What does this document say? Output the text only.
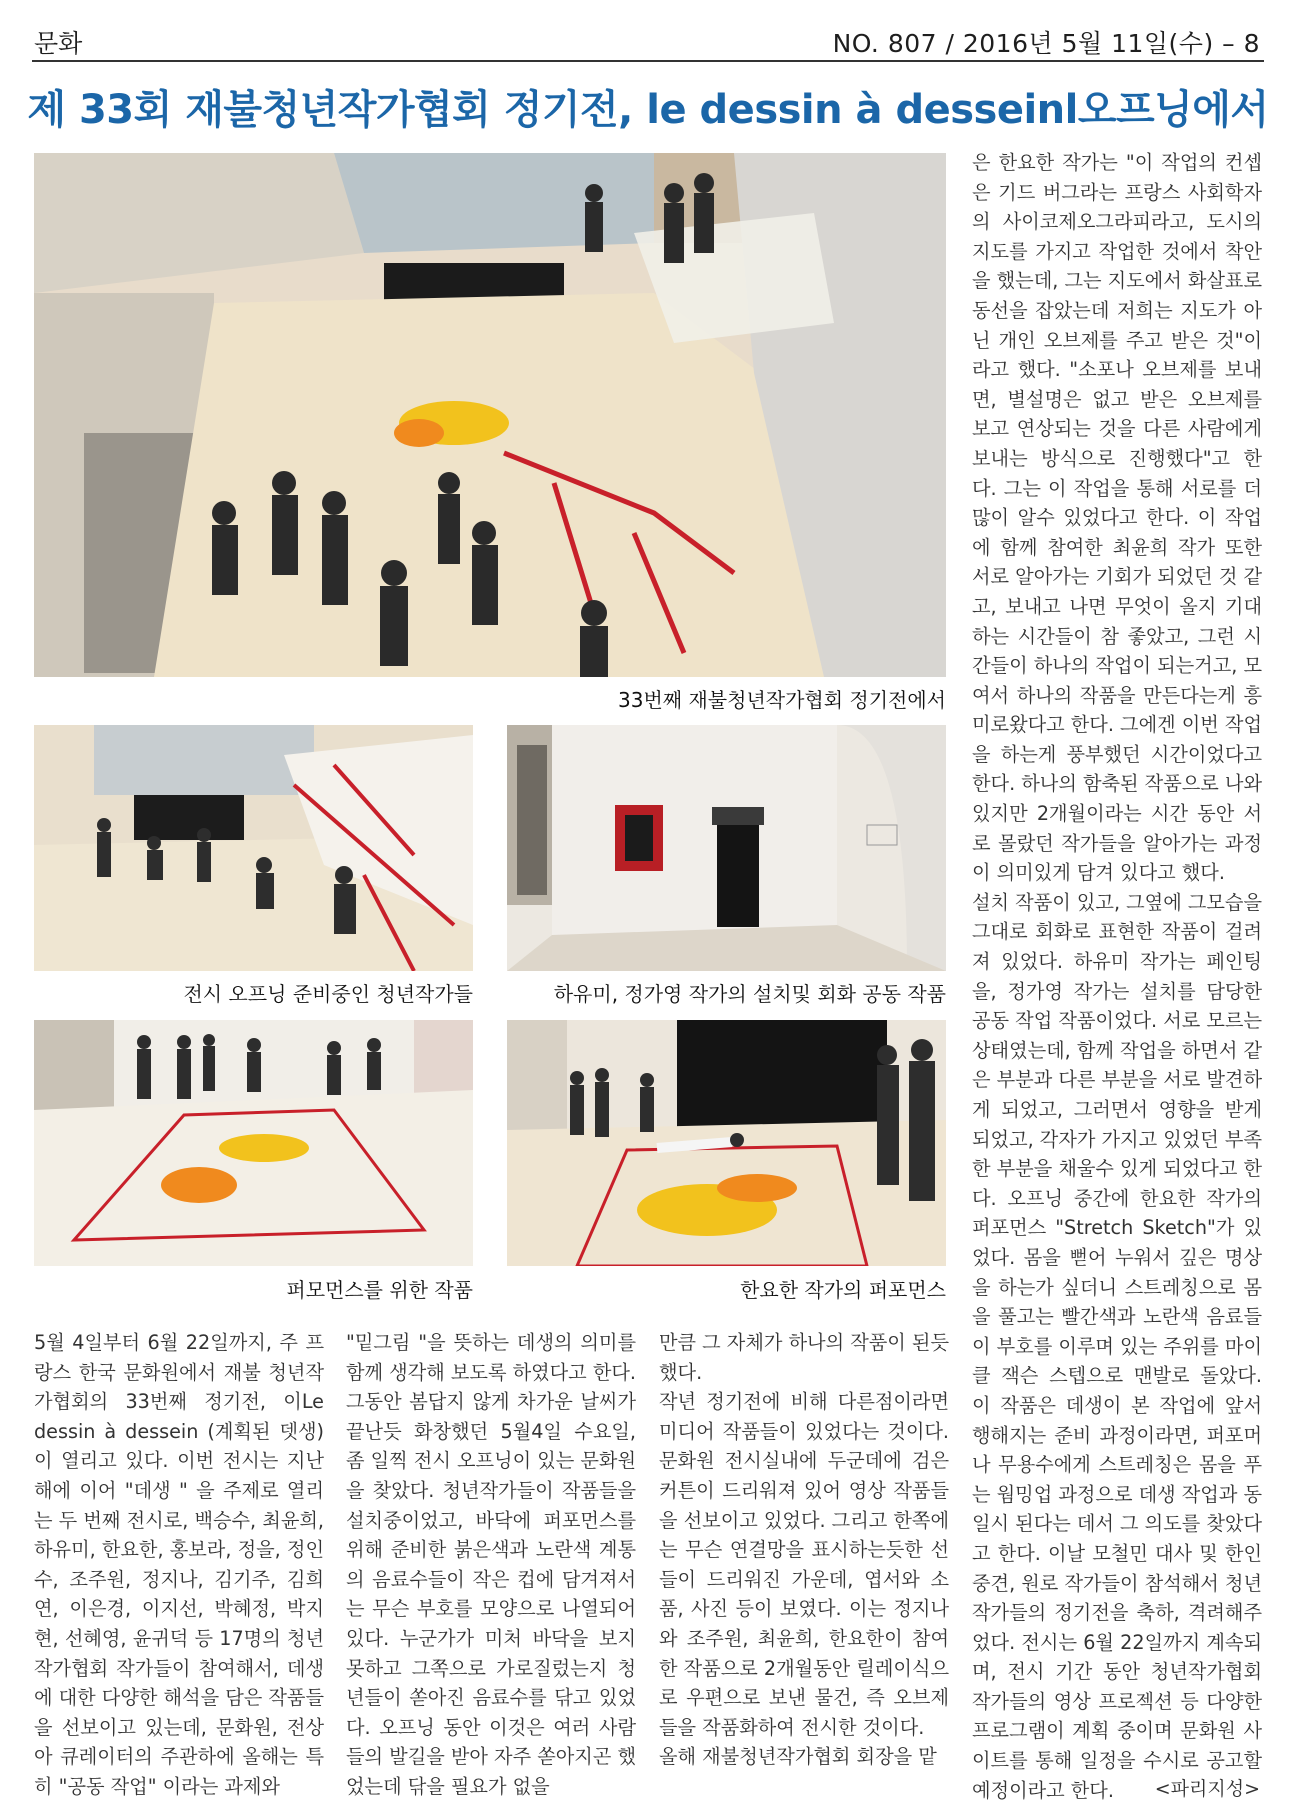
문화	NO. 807 / 2016년 5월 11일(수) – 8
제 33회 재불청년작가협회 정기전, le dessin à desseinl오프닝에서
33번째 재불청년작가협회 정기전에서
전시 오프닝 준비중인 청년작가들	하유미, 정가영 작가의 설치및 회화 공동 작품
퍼모먼스를 위한 작품	한요한 작가의 퍼포먼스

은 한요한 작가는 "이 작업의 컨셉은 기드 버그라는 프랑스 사회학자의 사이코제오그라피라고, 도시의 지도를 가지고 작업한 것에서 착안을 했는데, 그는 지도에서 화살표로 동선을 잡았는데 저희는 지도가 아닌 개인 오브제를 주고 받은 것"이라고 했다. "소포나 오브제를 보내면, 별설명은 없고 받은 오브제를 보고 연상되는 것을 다른 사람에게 보내는 방식으로 진행했다"고 한다. 그는 이 작업을 통해 서로를 더 많이 알수 있었다고 한다. 이 작업에 함께 참여한 최윤희 작가 또한 서로 알아가는 기회가 되었던 것 같고, 보내고 나면 무엇이 올지 기대하는 시간들이 참 좋았고, 그런 시간들이 하나의 작업이 되는거고, 모여서 하나의 작품을 만든다는게 흥미로왔다고 한다. 그에겐 이번 작업을 하는게 풍부했던 시간이었다고 한다. 하나의 함축된 작품으로 나와있지만 2개월이라는 시간 동안 서로 몰랐던 작가들을 알아가는 과정이 의미있게 담겨 있다고 했다.

설치 작품이 있고, 그옆에 그모습을 그대로 회화로 표현한 작품이 걸려져 있었다. 하유미 작가는 페인팅을, 정가영 작가는 설치를 담당한 공동 작업 작품이었다. 서로 모르는 상태였는데, 함께 작업을 하면서 같은 부분과 다른 부분을 서로 발견하게 되었고, 그러면서 영향을 받게 되었고, 각자가 가지고 있었던 부족한 부분을 채울수 있게 되었다고 한다. 오프닝 중간에 한요한 작가의 퍼포먼스 "Stretch Sketch"가 있었다. 몸을 뻗어 누워서 깊은 명상을 하는가 싶더니 스트레칭으로 몸을 풀고는 빨간색과 노란색 음료들이 부호를 이루며 있는 주위를 마이클 잭슨 스텝으로 맨발로 돌았다. 이 작품은 데생이 본 작업에 앞서 행해지는 준비 과정이라면, 퍼포머나 무용수에게 스트레칭은 몸을 푸는 웜밍업 과정으로 데생 작업과 동일시 된다는 데서 그 의도를 찾았다고 한다. 이날 모철민 대사 및 한인 중견, 원로 작가들이 참석해서 청년 작가들의 정기전을 축하, 격려해주었다. 전시는 6월 22일까지 계속되며, 전시 기간 동안 청년작가협회 작가들의 영상 프로젝션 등 다양한 프로그램이 계획 중이며 문화원 사이트를 통해 일정을 수시로 공고할 예정이라고 한다.

5월 4일부터 6월 22일까지, 주 프랑스 한국 문화원에서 재불 청년작가협회의 33번째 정기전, 이Le dessin à dessein (계획된 뎃생)이 열리고 있다. 이번 전시는 지난해에 이어 "데생 " 을 주제로 열리는 두 번째 전시로, 백승수, 최윤희, 하유미, 한요한, 홍보라, 정을, 정인수, 조주원, 정지나, 김기주, 김희연, 이은경, 이지선, 박혜정, 박지현, 선혜영, 윤귀덕 등 17명의 청년작가협회 작가들이 참여해서, 데생에 대한 다양한 해석을 담은 작품들을 선보이고 있는데, 문화원, 전상아 큐레이터의 주관하에 올해는 특히 "공동 작업" 이라는 과제와

"밑그림 "을 뜻하는 데생의 의미를 함께 생각해 보도록 하였다고 한다. 그동안 봄답지 않게 차가운 날씨가 끝난듯 화창했던 5월4일 수요일, 좀 일찍 전시 오프닝이 있는 문화원을 찾았다. 청년작가들이 작품들을 설치중이었고, 바닥에 퍼포먼스를 위해 준비한 붉은색과 노란색 계통의 음료수들이 작은 컵에 담겨져서는 무슨 부호를 모양으로 나열되어 있다. 누군가가 미처 바닥을 보지 못하고 그쪽으로 가로질렀는지 청년들이 쏟아진 음료수를 닦고 있었다. 오프닝 동안 이것은 여러 사람들의 발길을 받아 자주 쏟아지곤 했었는데 닦을 필요가 없을

만큼 그 자체가 하나의 작품이 된듯 했다.

작년 정기전에 비해 다른점이라면 미디어 작품들이 있었다는 것이다. 문화원 전시실내에 두군데에 검은 커튼이 드리워져 있어 영상 작품들을 선보이고 있었다. 그리고 한쪽에는 무슨 연결망을 표시하는듯한 선들이 드리워진 가운데, 엽서와 소품, 사진 등이 보였다. 이는 정지나와 조주원, 최윤희, 한요한이 참여한 작품으로 2개월동안 릴레이식으로 우편으로 보낸 물건, 즉 오브제들을 작품화하여 전시한 것이다.

올해 재불청년작가협회 회장을 맡

<파리지성>
